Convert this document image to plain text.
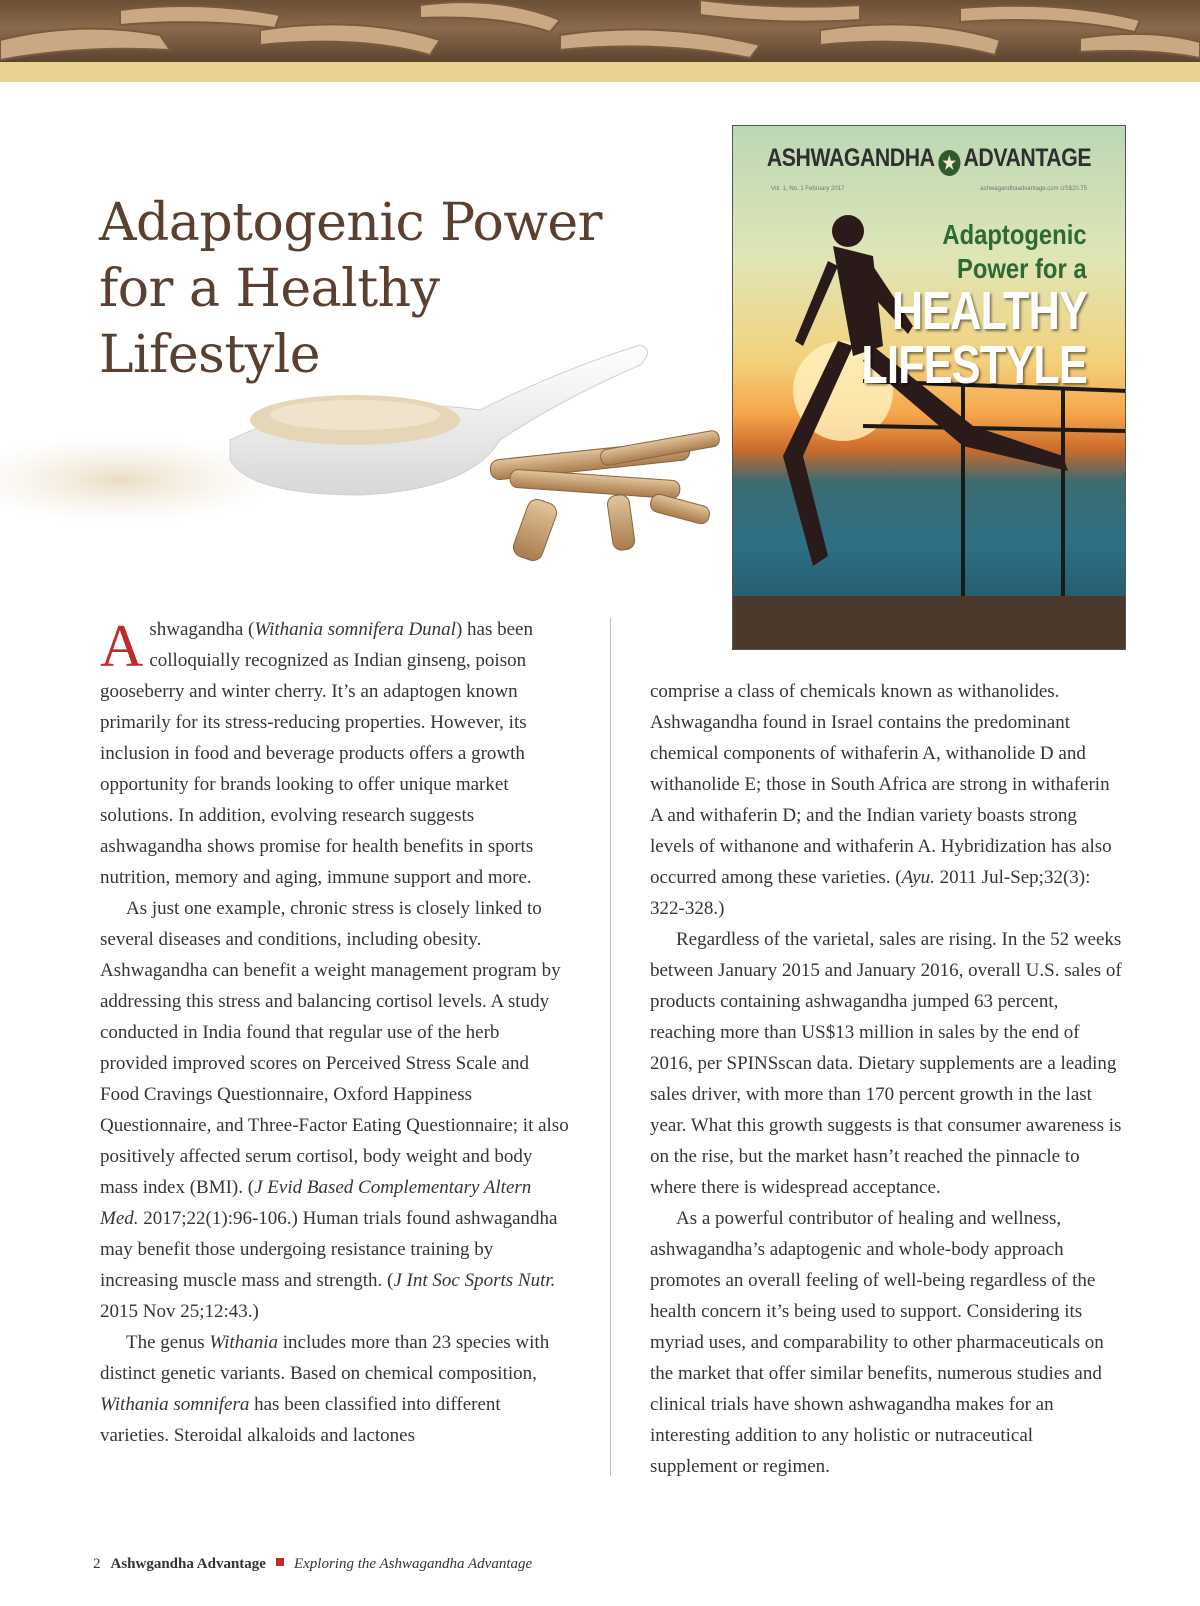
Adaptogenic Power
for a Healthy Lifestyle
ASHWAGANDHA ★ ADVANTAGE
Vol. 1, No. 1 February 2017	ashwagandhaadvantage.com US$20.75
Adaptogenic
Power for a
HEALTHY
LIFESTYLE

Ashwagandha (Withania somnifera Dunal) has been colloquially recognized as Indian ginseng, poison gooseberry and winter cherry. It’s an adaptogen known primarily for its stress-reducing properties. However, its inclusion in food and beverage products offers a growth opportunity for brands looking to offer unique market solutions. In addition, evolving research suggests ashwagandha shows promise for health benefits in sports nutrition, memory and aging, immune support and more.

As just one example, chronic stress is closely linked to several diseases and conditions, including obesity. Ashwagandha can benefit a weight management program by addressing this stress and balancing cortisol levels. A study conducted in India found that regular use of the herb provided improved scores on Perceived Stress Scale and Food Cravings Questionnaire, Oxford Happiness Questionnaire, and Three-Factor Eating Questionnaire; it also positively affected serum cortisol, body weight and body mass index (BMI). (J Evid Based Complementary Altern Med. 2017;22(1):96-106.) Human trials found ashwagandha may benefit those undergoing resistance training by increasing muscle mass and strength. (J Int Soc Sports Nutr. 2015 Nov 25;12:43.)

The genus Withania includes more than 23 species with distinct genetic variants. Based on chemical composition, Withania somnifera has been classified into different varieties. Steroidal alkaloids and lactones

comprise a class of chemicals known as withanolides. Ashwagandha found in Israel contains the predominant chemical components of withaferin A, withanolide D and withanolide E; those in South Africa are strong in withaferin A and withaferin D; and the Indian variety boasts strong levels of withanone and withaferin A. Hybridization has also occurred among these varieties. (Ayu. 2011 Jul-Sep;32(3): 322-328.)

Regardless of the varietal, sales are rising. In the 52 weeks between January 2015 and January 2016, overall U.S. sales of products containing ashwagandha jumped 63 percent, reaching more than US$13 million in sales by the end of 2016, per SPINSscan data. Dietary supplements are a leading sales driver, with more than 170 percent growth in the last year. What this growth suggests is that consumer awareness is on the rise, but the market hasn’t reached the pinnacle to where there is widespread acceptance.

As a powerful contributor of healing and wellness, ashwagandha’s adaptogenic and whole-body approach promotes an overall feeling of well-being regardless of the health concern it’s being used to support. Considering its myriad uses, and comparability to other pharmaceuticals on the market that offer similar benefits, numerous studies and clinical trials have shown ashwagandha makes for an interesting addition to any holistic or nutraceutical supplement or regimen.

2 Ashwgandha Advantage Exploring the Ashwagandha Advantage
